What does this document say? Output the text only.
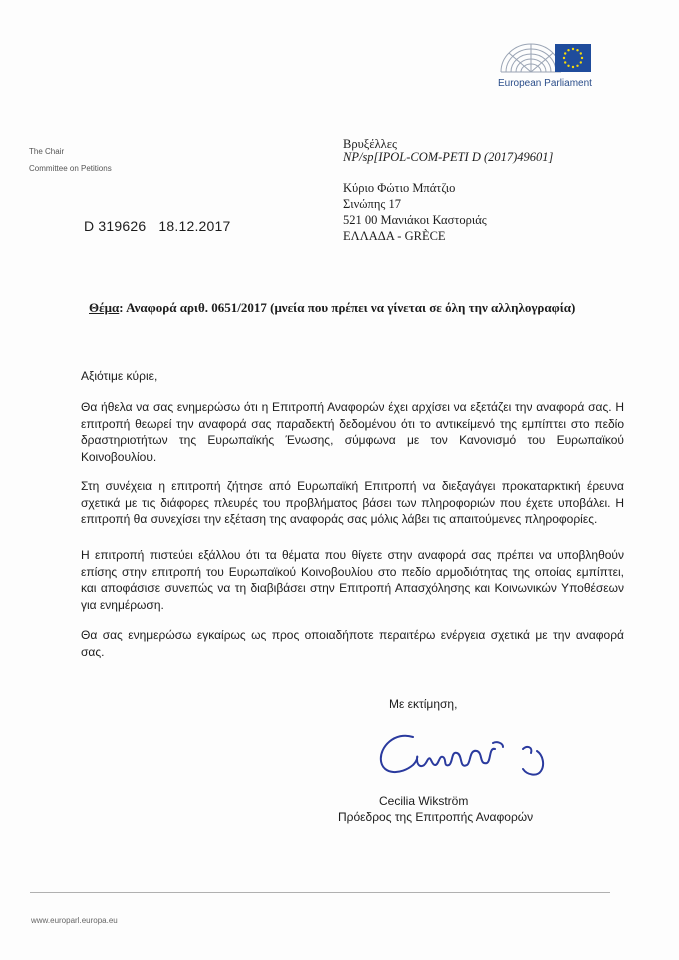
European Parliament
The Chair
Committee on Petitions
Βρυξέλλες
NP/sp[IPOL-COM-PETI D (2017)49601]
Κύριο Φώτιο Μπάτζιο
Σινώπης 17
521 00 Μανιάκοι Καστοριάς
ΕΛΛΑΔΑ - GRÈCE
D 319626 18.12.2017
Θέμα: Αναφορά αριθ. 0651/2017 (μνεία που πρέπει να γίνεται σε όλη την αλληλογραφία)
Αξιότιμε κύριε,

Θα ήθελα να σας ενημερώσω ότι η Επιτροπή Αναφορών έχει αρχίσει να εξετάζει την αναφορά σας. Η επιτροπή θεωρεί την αναφορά σας παραδεκτή δεδομένου ότι το αντικείμενό της εμπίπτει στο πεδίο δραστηριοτήτων της Ευρωπαϊκής Ένωσης, σύμφωνα με τον Κανονισμό του Ευρωπαϊκού Κοινοβουλίου.

Στη συνέχεια η επιτροπή ζήτησε από Ευρωπαϊκή Επιτροπή να διεξαγάγει προκαταρκτική έρευνα σχετικά με τις διάφορες πλευρές του προβλήματος βάσει των πληροφοριών που έχετε υποβάλει. Η επιτροπή θα συνεχίσει την εξέταση της αναφοράς σας μόλις λάβει τις απαιτούμενες πληροφορίες.

Η επιτροπή πιστεύει εξάλλου ότι τα θέματα που θίγετε στην αναφορά σας πρέπει να υποβληθούν επίσης στην επιτροπή του Ευρωπαϊκού Κοινοβουλίου στο πεδίο αρμοδιότητας της οποίας εμπίπτει, και αποφάσισε συνεπώς να τη διαβιβάσει στην Επιτροπή Απασχόλησης και Κοινωνικών Υποθέσεων για ενημέρωση.

Θα σας ενημερώσω εγκαίρως ως προς οποιαδήποτε περαιτέρω ενέργεια σχετικά με την αναφορά σας.

Με εκτίμηση,
Cecilia Wikström
Πρόεδρος της Επιτροπής Αναφορών
www.europarl.europa.eu
